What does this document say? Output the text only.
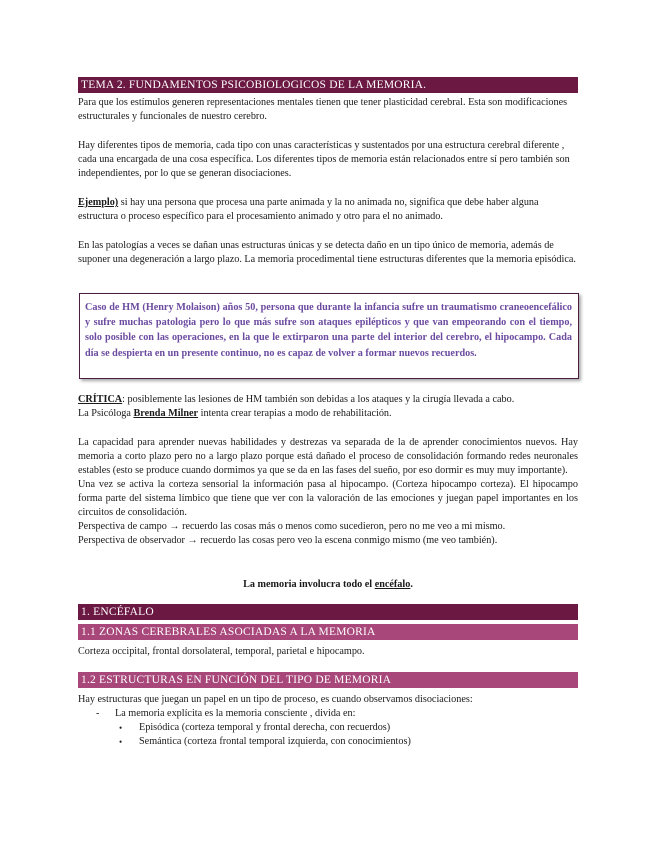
TEMA 2. FUNDAMENTOS PSICOBIOLOGICOS DE LA MEMORIA.

Para que los estímulos generen representaciones mentales tienen que tener plasticidad cerebral. Esta son modificaciones estructurales y funcionales de nuestro cerebro.

Hay diferentes tipos de memoria, cada tipo con unas características y sustentados por una estructura cerebral diferente , cada una encargada de una cosa específica. Los diferentes tipos de memoria están relacionados entre sí pero también son independientes, por lo que se generan disociaciones.

Ejemplo) si hay una persona que procesa una parte animada y la no animada no, significa que debe haber alguna estructura o proceso específico para el procesamiento animado y otro para el no animado.

En las patologías a veces se dañan unas estructuras únicas y se detecta daño en un tipo único de memoria, además de suponer una degeneración a largo plazo. La memoria procedimental tiene estructuras diferentes que la memoria episódica.

Caso de HM (Henry Molaison) años 50, persona que durante la infancia sufre un traumatismo craneoencefálico y sufre muchas patologia pero lo que más sufre son ataques epilépticos y que van empeorando con el tiempo, solo posible con las operaciones, en la que le extirparon una parte del interior del cerebro, el hipocampo. Cada día se despierta en un presente continuo, no es capaz de volver a formar nuevos recuerdos.

CRÍTICA: posiblemente las lesiones de HM también son debidas a los ataques y la cirugía llevada a cabo.

La Psicóloga Brenda Milner intenta crear terapias a modo de rehabilitación.

La capacidad para aprender nuevas habilidades y destrezas va separada de la de aprender conocimientos nuevos. Hay memoria a corto plazo pero no a largo plazo porque está dañado el proceso de consolidación formando redes neuronales estables (esto se produce cuando dormimos ya que se da en las fases del sueño, por eso dormir es muy muy importante).

Una vez se activa la corteza sensorial la información pasa al hipocampo. (Corteza hipocampo corteza). El hipocampo forma parte del sistema límbico que tiene que ver con la valoración de las emociones y juegan papel importantes en los circuitos de consolidación.

Perspectiva de campo → recuerdo las cosas más o menos como sucedieron, pero no me veo a mi mismo.

Perspectiva de observador → recuerdo las cosas pero veo la escena conmigo mismo (me veo también).

La memoria involucra todo el encéfalo.
1. ENCÉFALO
1.1 ZONAS CEREBRALES ASOCIADAS A LA MEMORIA

Corteza occipital, frontal dorsolateral, temporal, parietal e hipocampo.

1.2 ESTRUCTURAS EN FUNCIÓN DEL TIPO DE MEMORIA

Hay estructuras que juegan un papel en un tipo de proceso, es cuando observamos disociaciones:

- La memoria explícita es la memoria consciente , divida en:

• Episódica (corteza temporal y frontal derecha, con recuerdos)

• Semántica (corteza frontal temporal izquierda, con conocimientos)
